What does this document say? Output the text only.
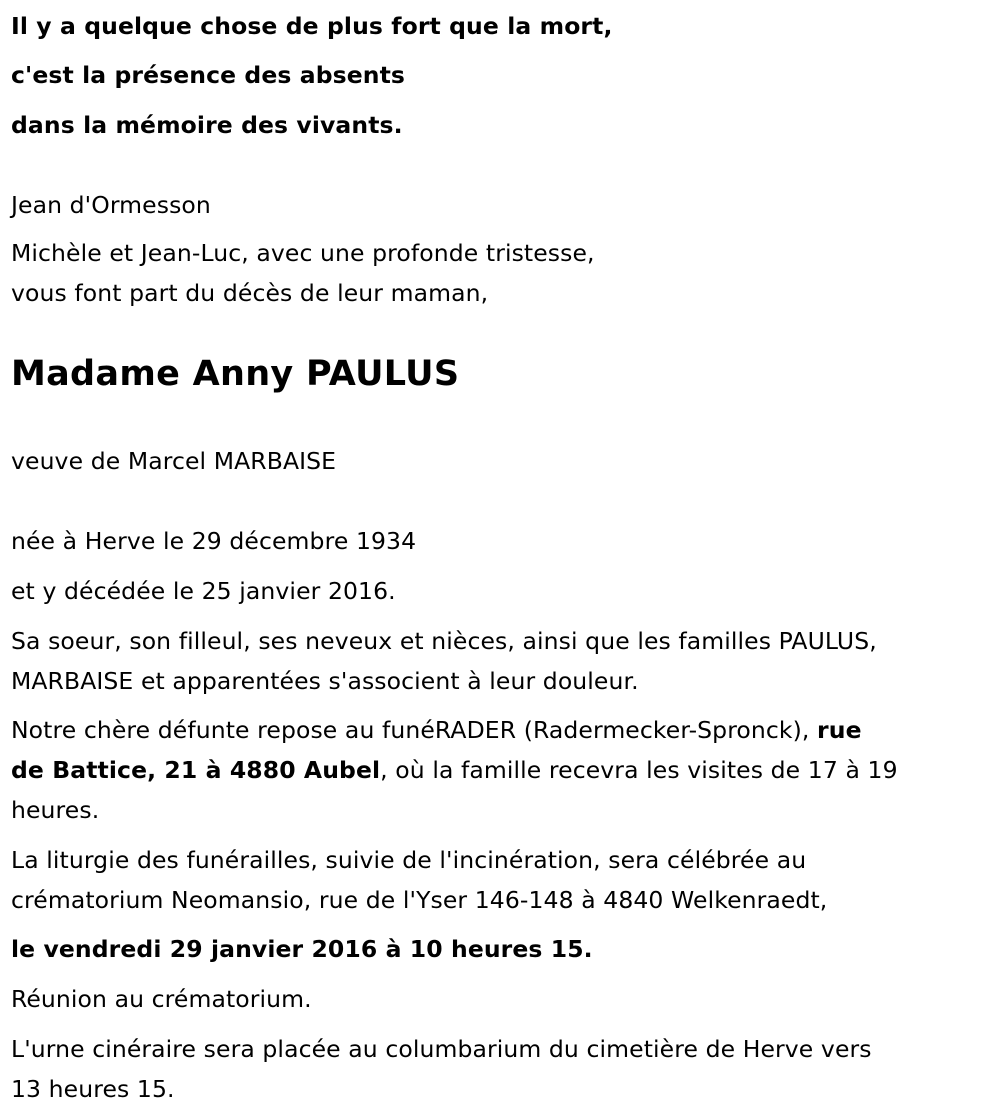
Il y a quelque chose de plus fort que la mort,
c'est la présence des absents
dans la mémoire des vivants.
Jean d'Ormesson
Michèle et Jean-Luc, avec une profonde tristesse,
vous font part du décès de leur maman,
Madame Anny PAULUS
veuve de Marcel MARBAISE
née à Herve le 29 décembre 1934
et y décédée le 25 janvier 2016.
Sa soeur, son filleul, ses neveux et nièces, ainsi que les familles PAULUS,
MARBAISE et apparentées s'associent à leur douleur.
Notre chère défunte repose au funéRADER (Radermecker-Spronck), rue
de Battice, 21 à 4880 Aubel, où la famille recevra les visites de 17 à 19
heures.
La liturgie des funérailles, suivie de l'incinération, sera célébrée au
crématorium Neomansio, rue de l'Yser 146-148 à 4840 Welkenraedt,
le vendredi 29 janvier 2016 à 10 heures 15.
Réunion au crématorium.
L'urne cinéraire sera placée au columbarium du cimetière de Herve vers
13 heures 15.
